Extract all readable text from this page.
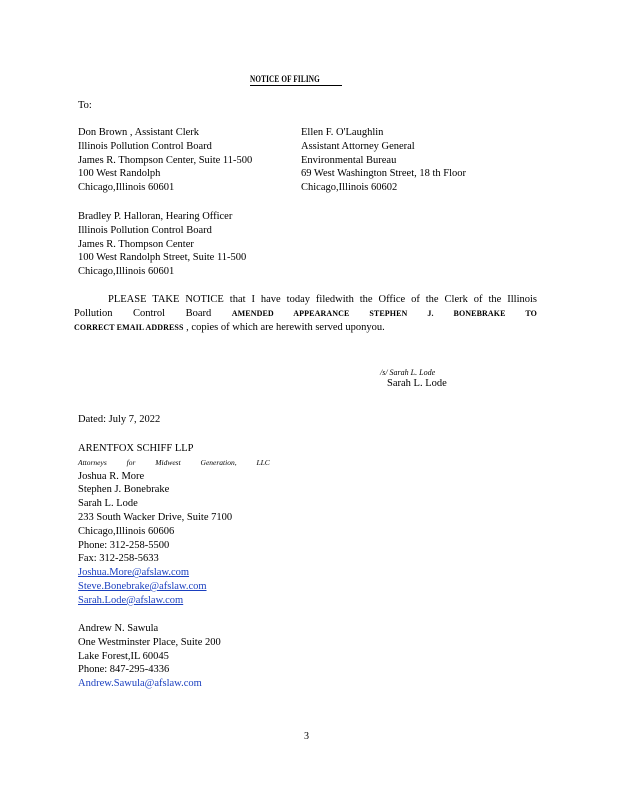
NOTICE OF FILING
To:
Don Brown , Assistant Clerk
Illinois Pollution Control Board
James R. Thompson Center, Suite 11-500
100 West Randolph
Chicago,Illinois 60601
Ellen F. O'Laughlin
Assistant Attorney General
Environmental Bureau
69 West Washington Street, 18 th Floor
Chicago,Illinois 60602
Bradley P. Halloran, Hearing Officer
Illinois Pollution Control Board
James R. Thompson Center
100 West Randolph Street, Suite 11-500
Chicago,Illinois 60601
PLEASE TAKE NOTICE that I have today filedwith the Office of the Clerk of the Illinois
Pollution Control Board	AMENDED APPEARANCE STEPHEN J. BONEBRAKE TO
CORRECT EMAIL ADDRESS , copies of which are herewith served uponyou.
/s/ Sarah L. Lode
Sarah L. Lode
Dated: July 7, 2022
ARENTFOX SCHIFF LLP
Attorneys for Midwest Generation, LLC
Joshua R. More
Stephen J. Bonebrake
Sarah L. Lode
233 South Wacker Drive, Suite 7100
Chicago,Illinois 60606
Phone: 312-258-5500
Fax: 312-258-5633
Joshua.More@afslaw.com
Steve.Bonebrake@afslaw.com
Sarah.Lode@afslaw.com
Andrew N. Sawula
One Westminster Place, Suite 200
Lake Forest,IL 60045
Phone: 847-295-4336
Andrew.Sawula@afslaw.com
3
